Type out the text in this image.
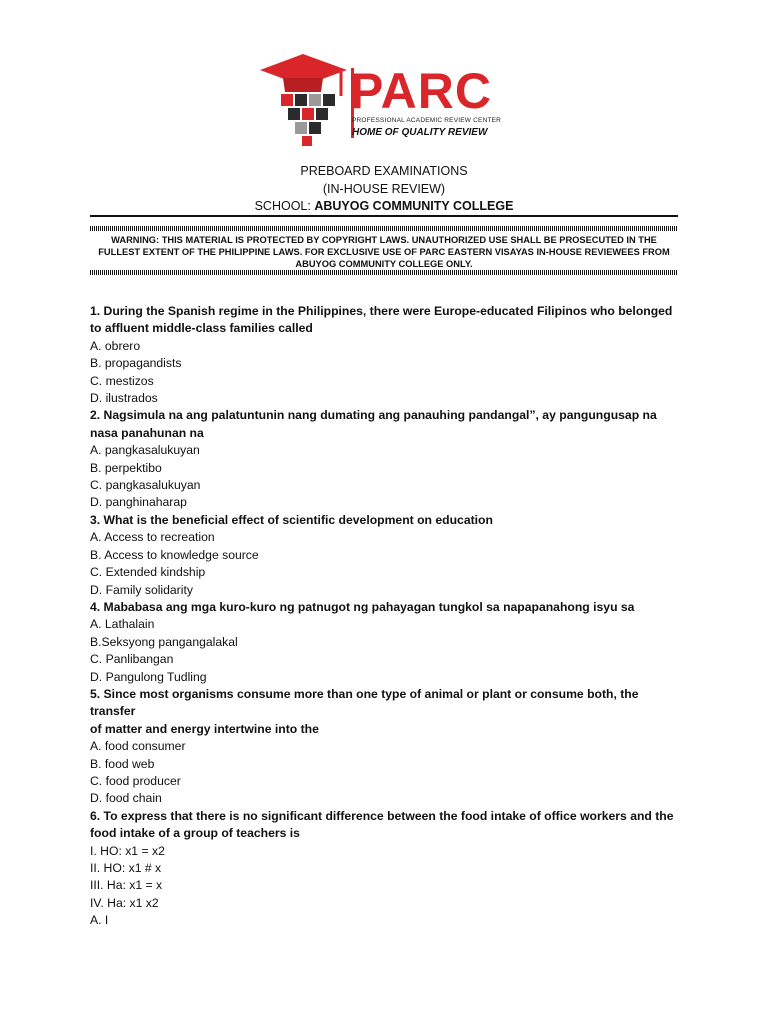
PARC
PROFESSIONAL ACADEMIC REVIEW CENTER
HOME OF QUALITY REVIEW
PREBOARD EXAMINATIONS
(IN-HOUSE REVIEW)
SCHOOL: ABUYOG COMMUNITY COLLEGE
WARNING: THIS MATERIAL IS PROTECTED BY COPYRIGHT LAWS. UNAUTHORIZED USE SHALL BE PROSECUTED IN THE FULLEST EXTENT OF THE PHILIPPINE LAWS. FOR EXCLUSIVE USE OF PARC EASTERN VISAYAS IN-HOUSE REVIEWEES FROM ABUYOG COMMUNITY COLLEGE ONLY.

1. During the Spanish regime in the Philippines, there were Europe-educated Filipinos who belonged to affluent middle-class families called

A. obrero

B. propagandists

C. mestizos

D. ilustrados

2. Nagsimula na ang palatuntunin nang dumating ang panauhing pandangal”, ay pangungusap na nasa panahunan na

A. pangkasalukuyan

B. perpektibo

C. pangkasalukuyan

D. panghinaharap

3. What is the beneficial effect of scientific development on education

A. Access to recreation

B. Access to knowledge source

C. Extended kindship

D. Family solidarity

4. Mababasa ang mga kuro-kuro ng patnugot ng pahayagan tungkol sa napapanahong isyu sa

A. Lathalain

B.Seksyong pangangalakal

C. Panlibangan

D. Pangulong Tudling

5. Since most organisms consume more than one type of animal or plant or consume both, the transfer

of matter and energy intertwine into the

A. food consumer

B. food web

C. food producer

D. food chain

6. To express that there is no significant difference between the food intake of office workers and the food intake of a group of teachers is

I. HO: x1 = x2

II. HO: x1 # x

III. Ha: x1 = x

IV. Ha: x1 x2

A. I
